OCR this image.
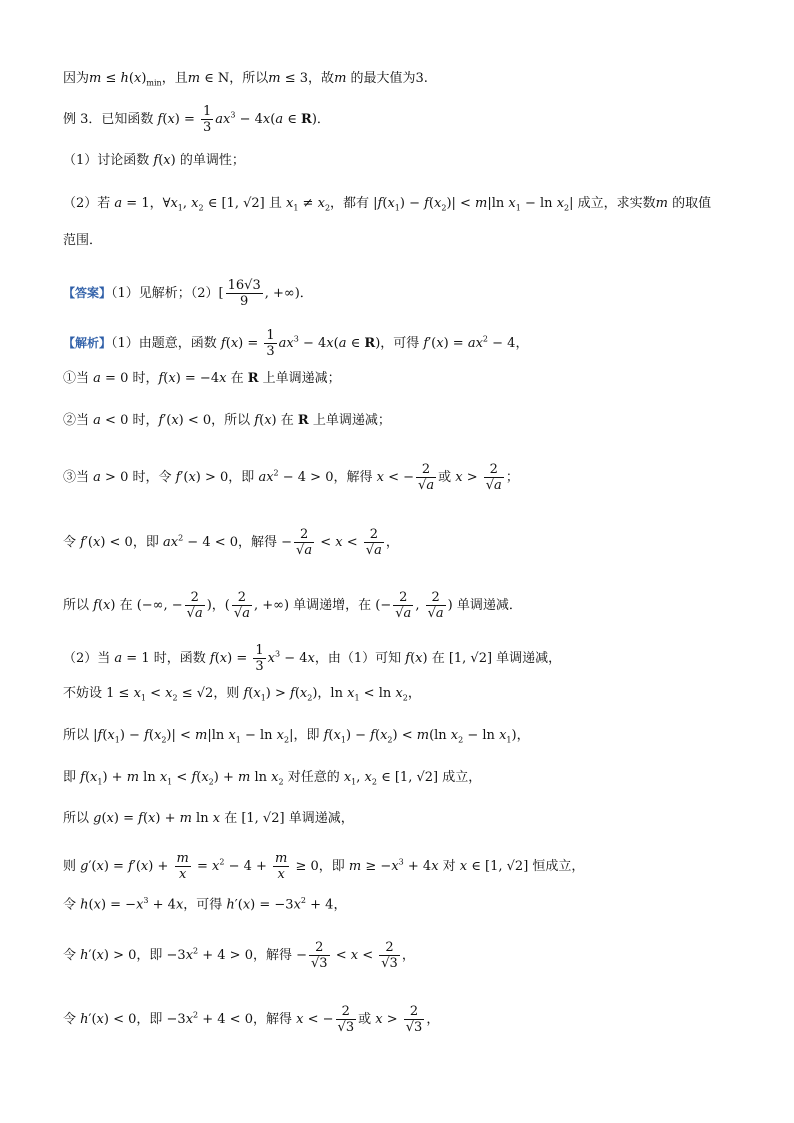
因为$m \le h(x)_{min}$，且m ∈ N，所以m ≤ 3，故m 的最大值为3.
例 3．已知函数 $f(x) = \frac{1}{3} ax^3 - 4x(a$ ∈ R)．
（1）讨论函数 f(x) 的单调性；
（2）若 a = 1，$\forall x_1$, $x_2$ ∈ [1, √2] 且 $x_1 \ne x_2$，都有 $|f(x_1) - f(x_2)| < m|\ln$ $x_1 - \ln x_2|$ 成立，求实数m 的取值
范围．
【答案】（1）见解析；$(2)[ \frac{16√3}{9}$ , +∞)．
【解析】（1）由题意，函数 $f(x) = \frac{1}{3} ax^3 - 4x(a$ ∈ R)，可得 $f'(x) = ax^2 - 4$，
①当 a = 0 时，f(x) = −4x 在 R 上单调递减；
②当 a < 0 时，f′(x) < 0，所以 f(x) 在 R 上单调递减；
③当 a > 0 时，令 f′(x) > 0，即 $ax^2 - 4 > 0$，解得 x < − $\frac{2}{√a}$ 或 $x > \frac{2}{√a}$ ；
令 f′(x) < 0，即 $ax^2 - 4 < 0$，解得 − $\frac{2}{√a} < x < \frac{2}{√a}$ ，
所以 f(x) 在 (−∞, − $\frac{2}{√a}$ )，( $\frac{2}{√a}$ , +∞) 单调递增，在 (− $\frac{2}{√a}$ , $\frac{2}{√a}$ ) 单调递减．
（2）当 a = 1 时，函数 $f(x) = \frac{1}{3} x^3 - 4x$，由（1）可知 f(x) 在 [1, √2] 单调递减，
不妨设 $1 \le x_1 < x_2 \le √2$，则 $f(x_1) > f(x_2)$，$\ln x_1 < \ln x_2$，
所以 $|f(x_1) - f(x_2)| < m|\ln$ $x_1 - \ln x_2|$，即 $f(x_1) - f(x_2) < m(\ln$ $x_2 - \ln x_1$)，
即 $f(x_1) + m$ $\ln x_1 < f(x_2) + m$ $\ln x_2$ 对任意的 $x_1$, $x_2$ ∈ [1, √2] 成立，
所以 g(x) = f(x) + m ln x 在 [1, √2] 单调递减，
则 $g'(x) = f'(x) + \frac{m}{x} = x^2 - 4 + \frac{m}{x} \ge 0$，即 $m \ge -x^3 + 4x$ 对 x ∈ [1, √2] 恒成立，
令 $h(x) = -x^3 + 4x$，可得 $h'(x) = -3x^2 + 4$，
令 h′(x) > 0，即 $-3x^2 + 4 > 0$，解得 − $\frac{2}{√3} < x < \frac{2}{√3}$ ，
令 h′(x) < 0，即 $-3x^2 + 4 < 0$，解得 x < − $\frac{2}{√3}$ 或 $x > \frac{2}{√3}$ ，
